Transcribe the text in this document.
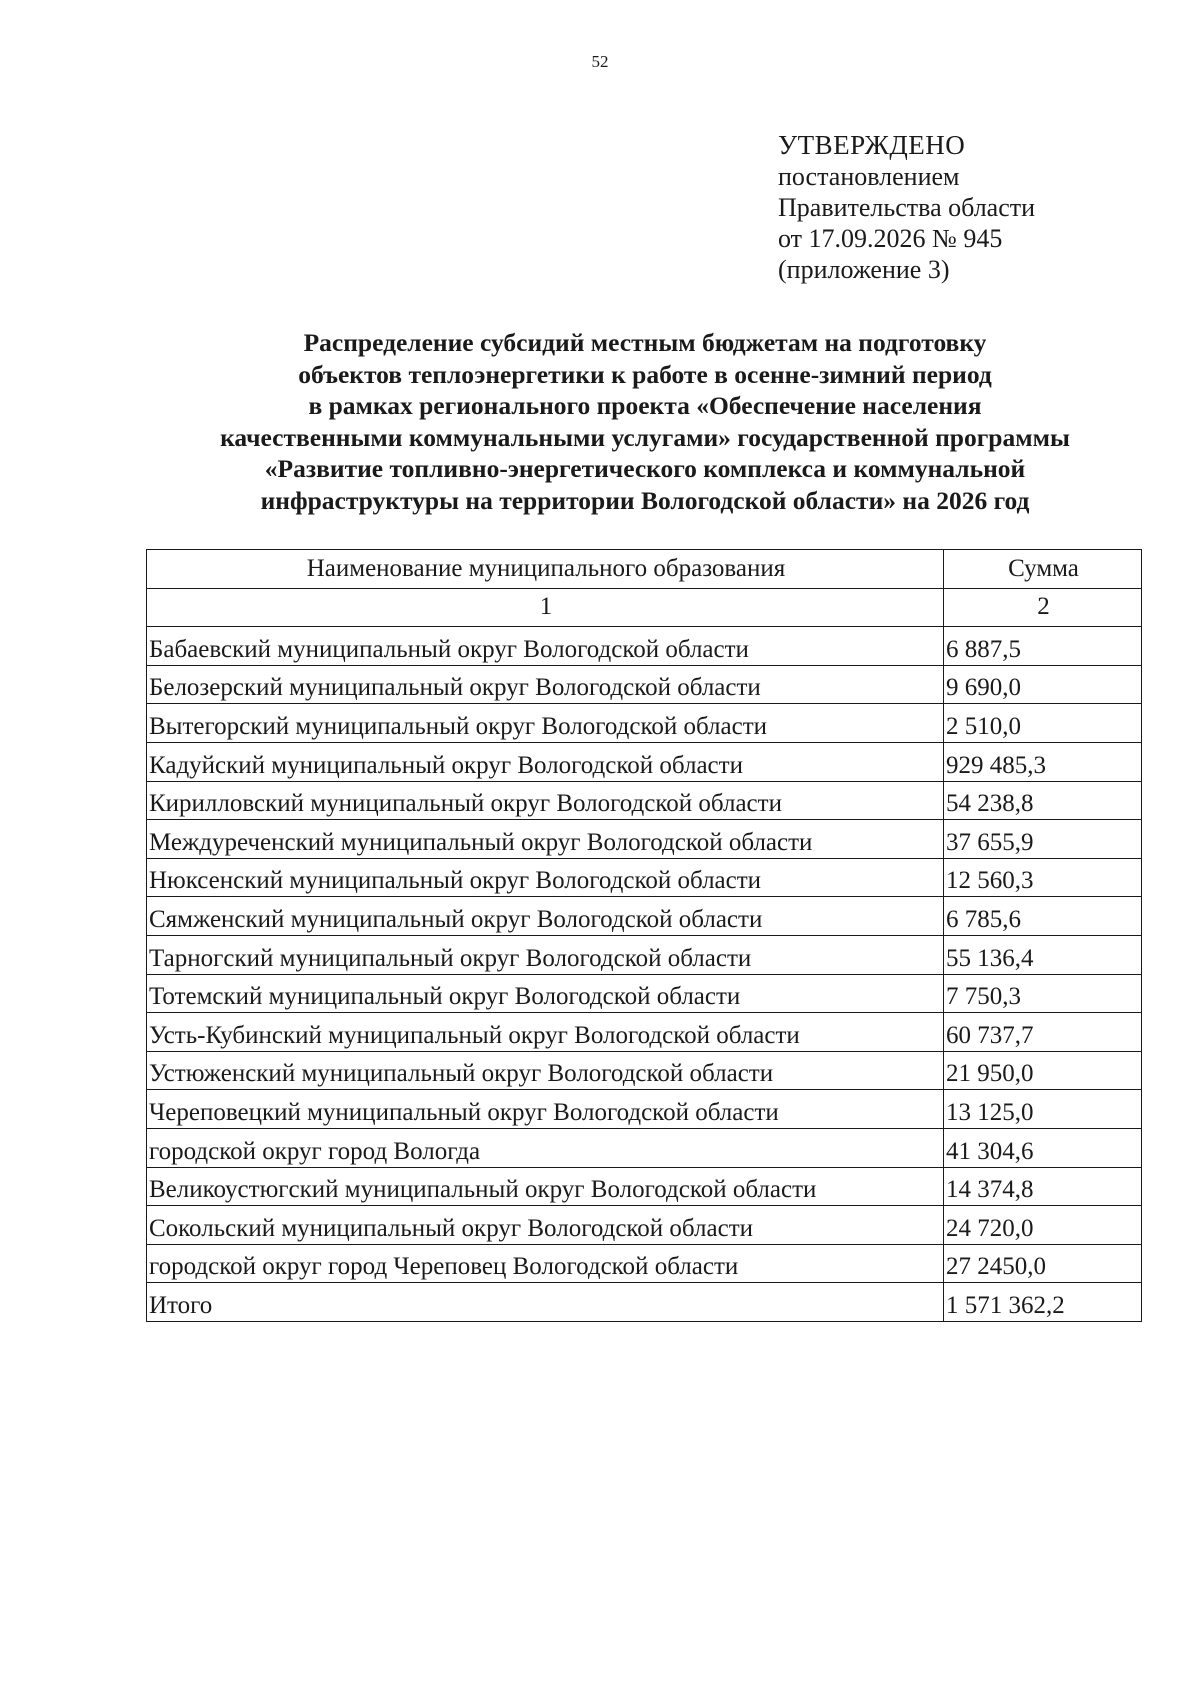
52
УТВЕРЖДЕНО
постановлением
Правительства области
от 17.09.2026 № 945
(приложение 3)
Распределение субсидий местным бюджетам на подготовку
объектов теплоэнергетики к работе в осенне-зимний период
в рамках регионального проекта «Обеспечение населения
качественными коммунальными услугами» государственной программы
«Развитие топливно-энергетического комплекса и коммунальной
инфраструктуры на территории Вологодской области» на 2026 год
Наименование муниципального образования	Сумма
1	2
Бабаевский муниципальный округ Вологодской области	6 887,5
Белозерский муниципальный округ Вологодской области	9 690,0
Вытегорский муниципальный округ Вологодской области	2 510,0
Кадуйский муниципальный округ Вологодской области	929 485,3
Кирилловский муниципальный округ Вологодской области	54 238,8
Междуреченский муниципальный округ Вологодской области	37 655,9
Нюксенский муниципальный округ Вологодской области	12 560,3
Сямженский муниципальный округ Вологодской области	6 785,6
Тарногский муниципальный округ Вологодской области	55 136,4
Тотемский муниципальный округ Вологодской области	7 750,3
Усть-Кубинский муниципальный округ Вологодской области	60 737,7
Устюженский муниципальный округ Вологодской области	21 950,0
Череповецкий муниципальный округ Вологодской области	13 125,0
городской округ город Вологда	41 304,6
Великоустюгский муниципальный округ Вологодской области	14 374,8
Сокольский муниципальный округ Вологодской области	24 720,0
городской округ город Череповец Вологодской области	27 2450,0
Итого	1 571 362,2
